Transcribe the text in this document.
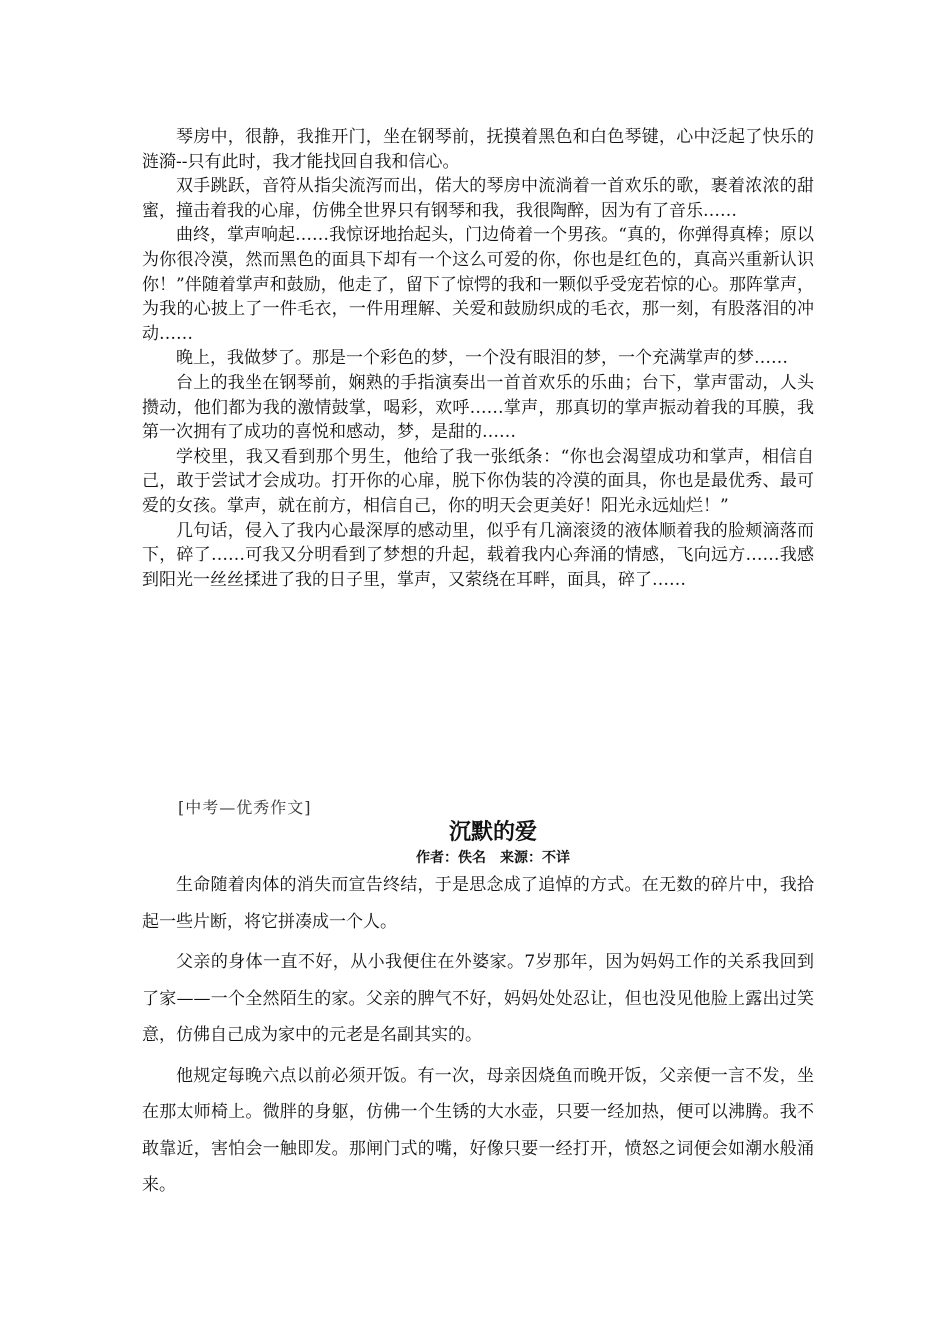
琴房中，很静，我推开门，坐在钢琴前，抚摸着黑色和白色琴键，心中泛起了快乐的涟漪--只有此时，我才能找回自我和信心。

双手跳跃，音符从指尖流泻而出，偌大的琴房中流淌着一首欢乐的歌，裹着浓浓的甜蜜，撞击着我的心扉，仿佛全世界只有钢琴和我，我很陶醉，因为有了音乐……

曲终，掌声响起……我惊讶地抬起头，门边倚着一个男孩。“真的，你弹得真棒；原以为你很冷漠，然而黑色的面具下却有一个这么可爱的你，你也是红色的，真高兴重新认识你！”伴随着掌声和鼓励，他走了，留下了惊愕的我和一颗似乎受宠若惊的心。那阵掌声，为我的心披上了一件毛衣，一件用理解、关爱和鼓励织成的毛衣，那一刻，有股落泪的冲动……

晚上，我做梦了。那是一个彩色的梦，一个没有眼泪的梦，一个充满掌声的梦……

台上的我坐在钢琴前，娴熟的手指演奏出一首首欢乐的乐曲；台下，掌声雷动，人头攒动，他们都为我的激情鼓掌，喝彩，欢呼……掌声，那真切的掌声振动着我的耳膜，我第一次拥有了成功的喜悦和感动，梦，是甜的……

学校里，我又看到那个男生，他给了我一张纸条：“你也会渴望成功和掌声，相信自己，敢于尝试才会成功。打开你的心扉，脱下你伪装的冷漠的面具，你也是最优秀、最可爱的女孩。掌声，就在前方，相信自己，你的明天会更美好！阳光永远灿烂！”

几句话，侵入了我内心最深厚的感动里，似乎有几滴滚烫的液体顺着我的脸颊滴落而下，碎了……可我又分明看到了梦想的升起，载着我内心奔涌的情感，飞向远方……我感到阳光一丝丝揉进了我的日子里，掌声，又萦绕在耳畔，面具，碎了……

[中考—优秀作文]
沉默的爱
作者：佚名 来源：不详

生命随着肉体的消失而宣告终结，于是思念成了追悼的方式。在无数的碎片中，我拾起一些片断，将它拼凑成一个人。

父亲的身体一直不好，从小我便住在外婆家。7岁那年，因为妈妈工作的关系我回到了家——一个全然陌生的家。父亲的脾气不好，妈妈处处忍让，但也没见他脸上露出过笑意，仿佛自己成为家中的元老是名副其实的。

他规定每晚六点以前必须开饭。有一次，母亲因烧鱼而晚开饭，父亲便一言不发，坐在那太师椅上。微胖的身躯，仿佛一个生锈的大水壶，只要一经加热，便可以沸腾。我不敢靠近，害怕会一触即发。那闸门式的嘴，好像只要一经打开，愤怒之词便会如潮水般涌来。
